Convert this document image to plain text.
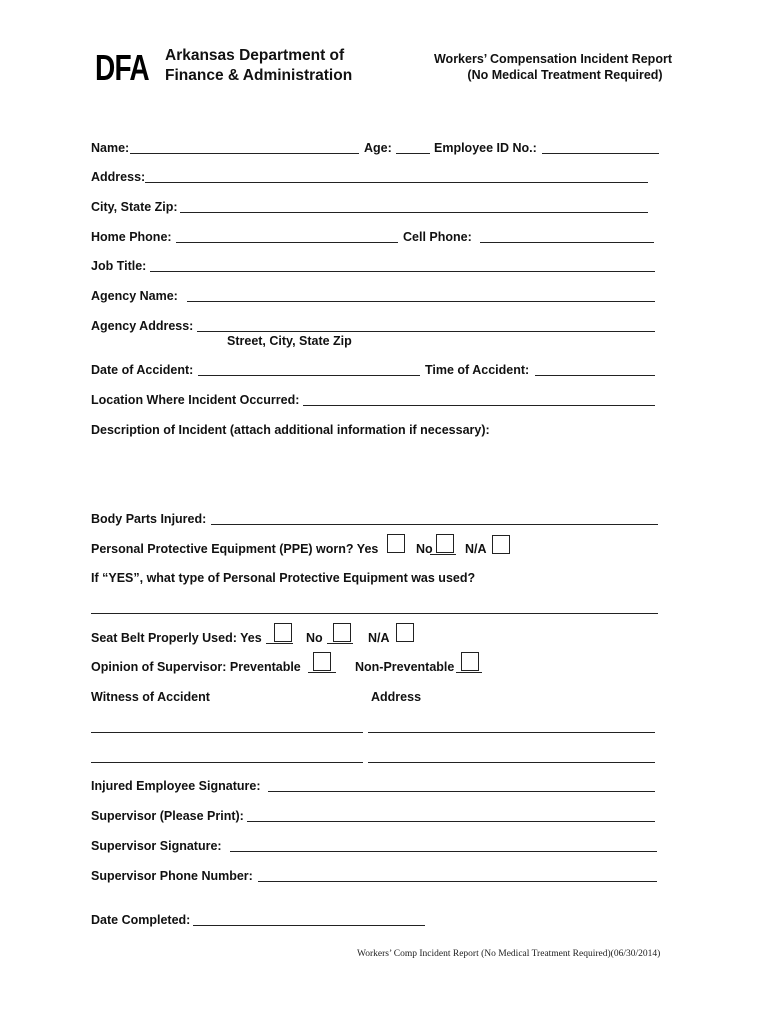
DFA Arkansas Department of
Finance & Administration
Workers’ Compensation Incident Report
(No Medical Treatment Required)
Name:	Age:	Employee ID No.:
Address:
City, State Zip:
Home Phone:	Cell Phone:
Job Title:
Agency Name:
Agency Address:
Street, City, State Zip
Date of Accident:	Time of Accident:
Location Where Incident Occurred:
Description of Incident (attach additional information if necessary):
Body Parts Injured:
Personal Protective Equipment (PPE) worn? Yes	No	N/A
If “YES”, what type of Personal Protective Equipment was used?
Seat Belt Properly Used: Yes	No	N/A
Opinion of Supervisor: Preventable	Non-Preventable
Witness of Accident	Address
Injured Employee Signature:
Supervisor (Please Print):
Supervisor Signature:
Supervisor Phone Number:
Date Completed:
Workers’ Comp Incident Report (No Medical Treatment Required)(06/30/2014)
